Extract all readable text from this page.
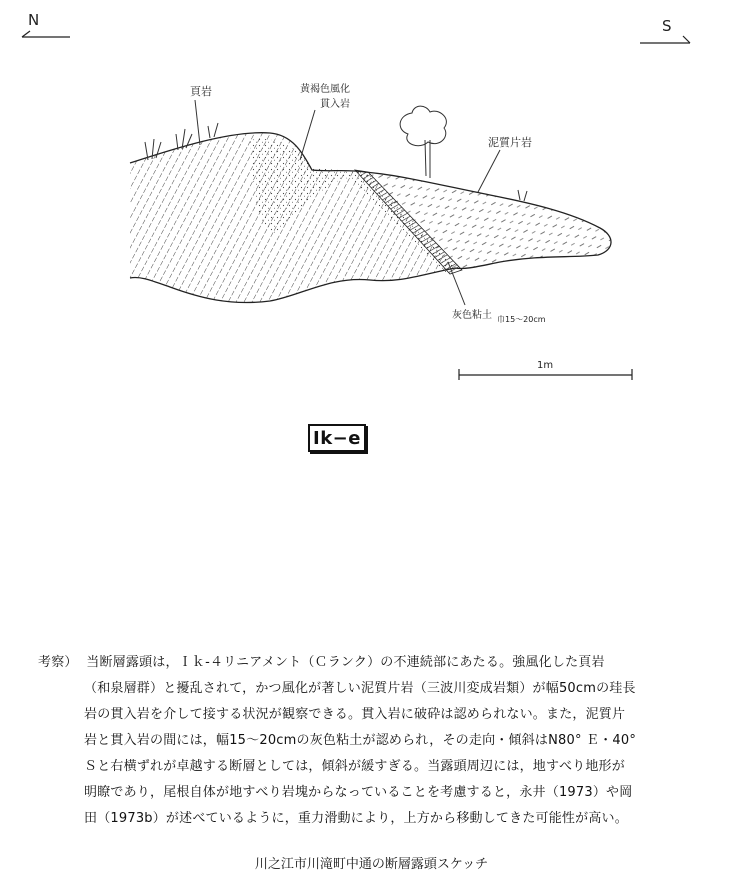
N	S
頁岩	黄褐色風化
貫入岩
泥質片岩
灰色粘土 巾15～20cm
1m
Ik−e
考察） 当断層露頭は，Ｉｋ-４リニアメント（Ｃランク）の不連続部にあたる。強風化した頁岩
（和泉層群）と擾乱されて，かつ風化が著しい泥質片岩（三波川変成岩類）が幅50cmの珪長
岩の貫入岩を介して接する状況が観察できる。貫入岩に破砕は認められない。また，泥質片
岩と貫入岩の間には，幅15～20cmの灰色粘土が認められ，その走向・傾斜はN80° Ｅ・40°
Ｓと右横ずれが卓越する断層としては，傾斜が緩すぎる。当露頭周辺には，地すべり地形が
明瞭であり，尾根自体が地すべり岩塊からなっていることを考慮すると，永井（1973）や岡
田（1973b）が述べているように，重力滑動により，上方から移動してきた可能性が高い。
川之江市川滝町中通の断層露頭スケッチ
